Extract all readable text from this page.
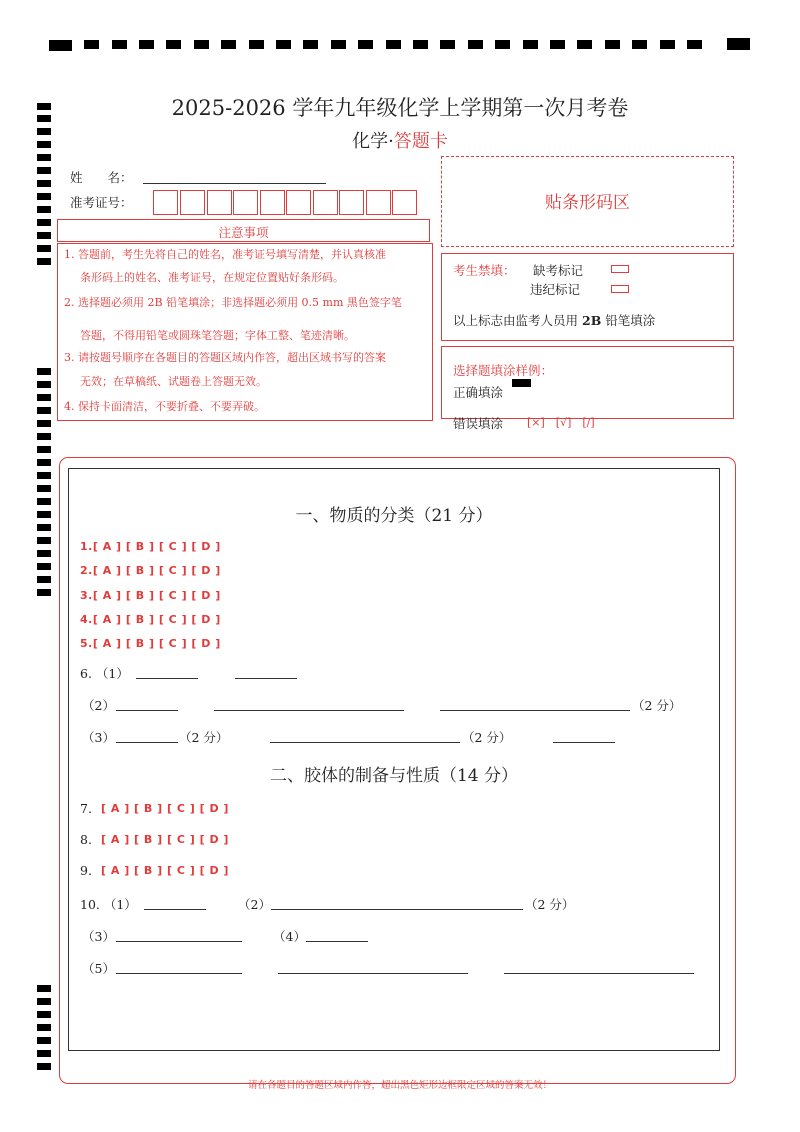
2025-2026 学年九年级化学上学期第一次月考卷
化学·答题卡
姓　　名：
准考证号：
注意事项
1. 答题前，考生先将自己的姓名，准考证号填写清楚，并认真核准
条形码上的姓名、准考证号，在规定位置贴好条形码。
2. 选择题必须用 2B 铅笔填涂；非选择题必须用 0.5 mm 黑色签字笔
答题，不得用铅笔或圆珠笔答题；字体工整、笔迹清晰。
3. 请按题号顺序在各题目的答题区域内作答，超出区域书写的答案
无效；在草稿纸、试题卷上答题无效。
4. 保持卡面清洁，不要折叠、不要弄破。
贴条形码区
考生禁填： 缺考标记
违纪标记
以上标志由监考人员用 2B 铅笔填涂
选择题填涂样例：
正确填涂
错误填涂 [×]　[√]　[/]
一、物质的分类（21 分）
1.[ A ] [ B ] [ C ] [ D ]
2.[ A ] [ B ] [ C ] [ D ]
3.[ A ] [ B ] [ C ] [ D ]
4.[ A ] [ B ] [ C ] [ D ]
5.[ A ] [ B ] [ C ] [ D ]
6. （1）
（2）	（2 分）
（3）	（2 分）	（2 分）
二、胶体的制备与性质（14 分）
7. [ A ] [ B ] [ C ] [ D ]
8. [ A ] [ B ] [ C ] [ D ]
9. [ A ] [ B ] [ C ] [ D ]
10. （1）	（2）	（2 分）
（3）	（4）
（5）
请在各题目的答题区域内作答，超出黑色矩形边框限定区域的答案无效！
